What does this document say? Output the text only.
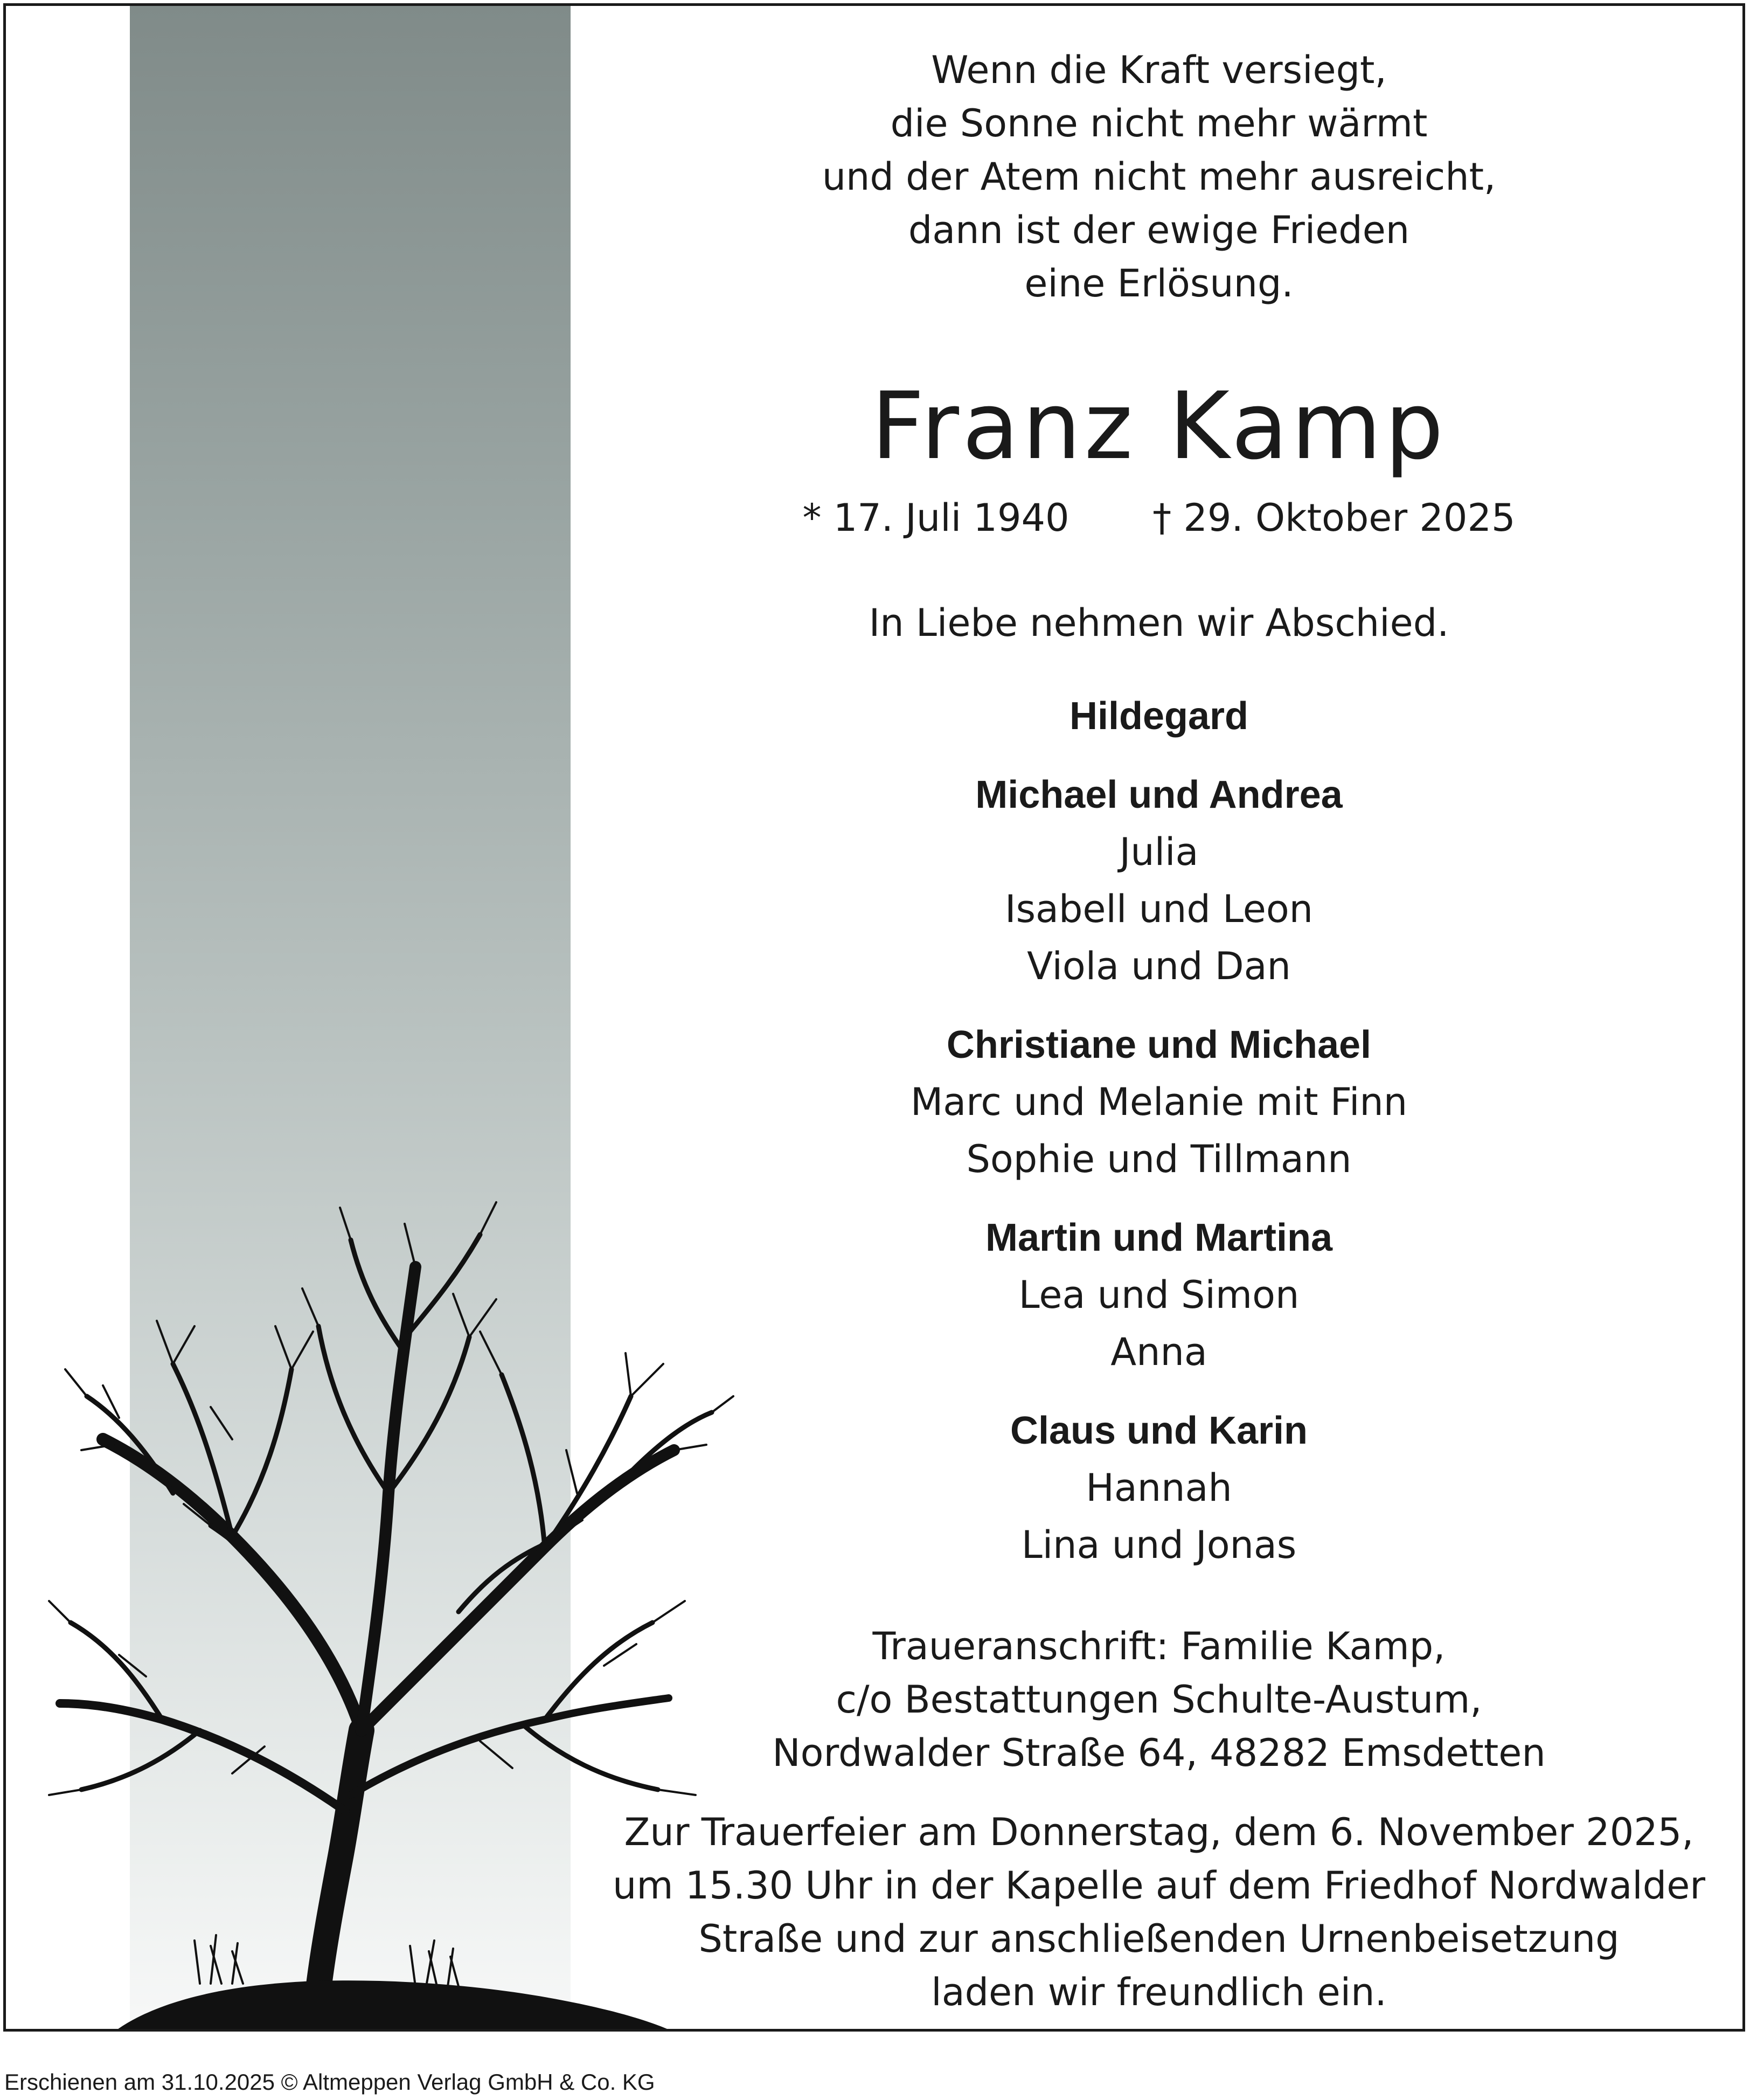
Wenn die Kraft versiegt,

die Sonne nicht mehr wärmt

und der Atem nicht mehr ausreicht,

dann ist der ewige Frieden

eine Erlösung.

Franz Kamp
* 17. Juli 1940 † 29. Oktober 2025
In Liebe nehmen wir Abschied.

Hildegard

Michael und Andrea

Julia

Isabell und Leon

Viola und Dan

Christiane und Michael

Marc und Melanie mit Finn

Sophie und Tillmann

Martin und Martina

Lea und Simon

Anna

Claus und Karin

Hannah

Lina und Jonas

Traueranschrift: Familie Kamp,

c/o Bestattungen Schulte-Austum,

Nordwalder Straße 64, 48282 Emsdetten

Zur Trauerfeier am Donnerstag, dem 6. November 2025,

um 15.30 Uhr in der Kapelle auf dem Friedhof Nordwalder

Straße und zur anschließenden Urnenbeisetzung

laden wir freundlich ein.

Erschienen am 31.10.2025 © Altmeppen Verlag GmbH & Co. KG
